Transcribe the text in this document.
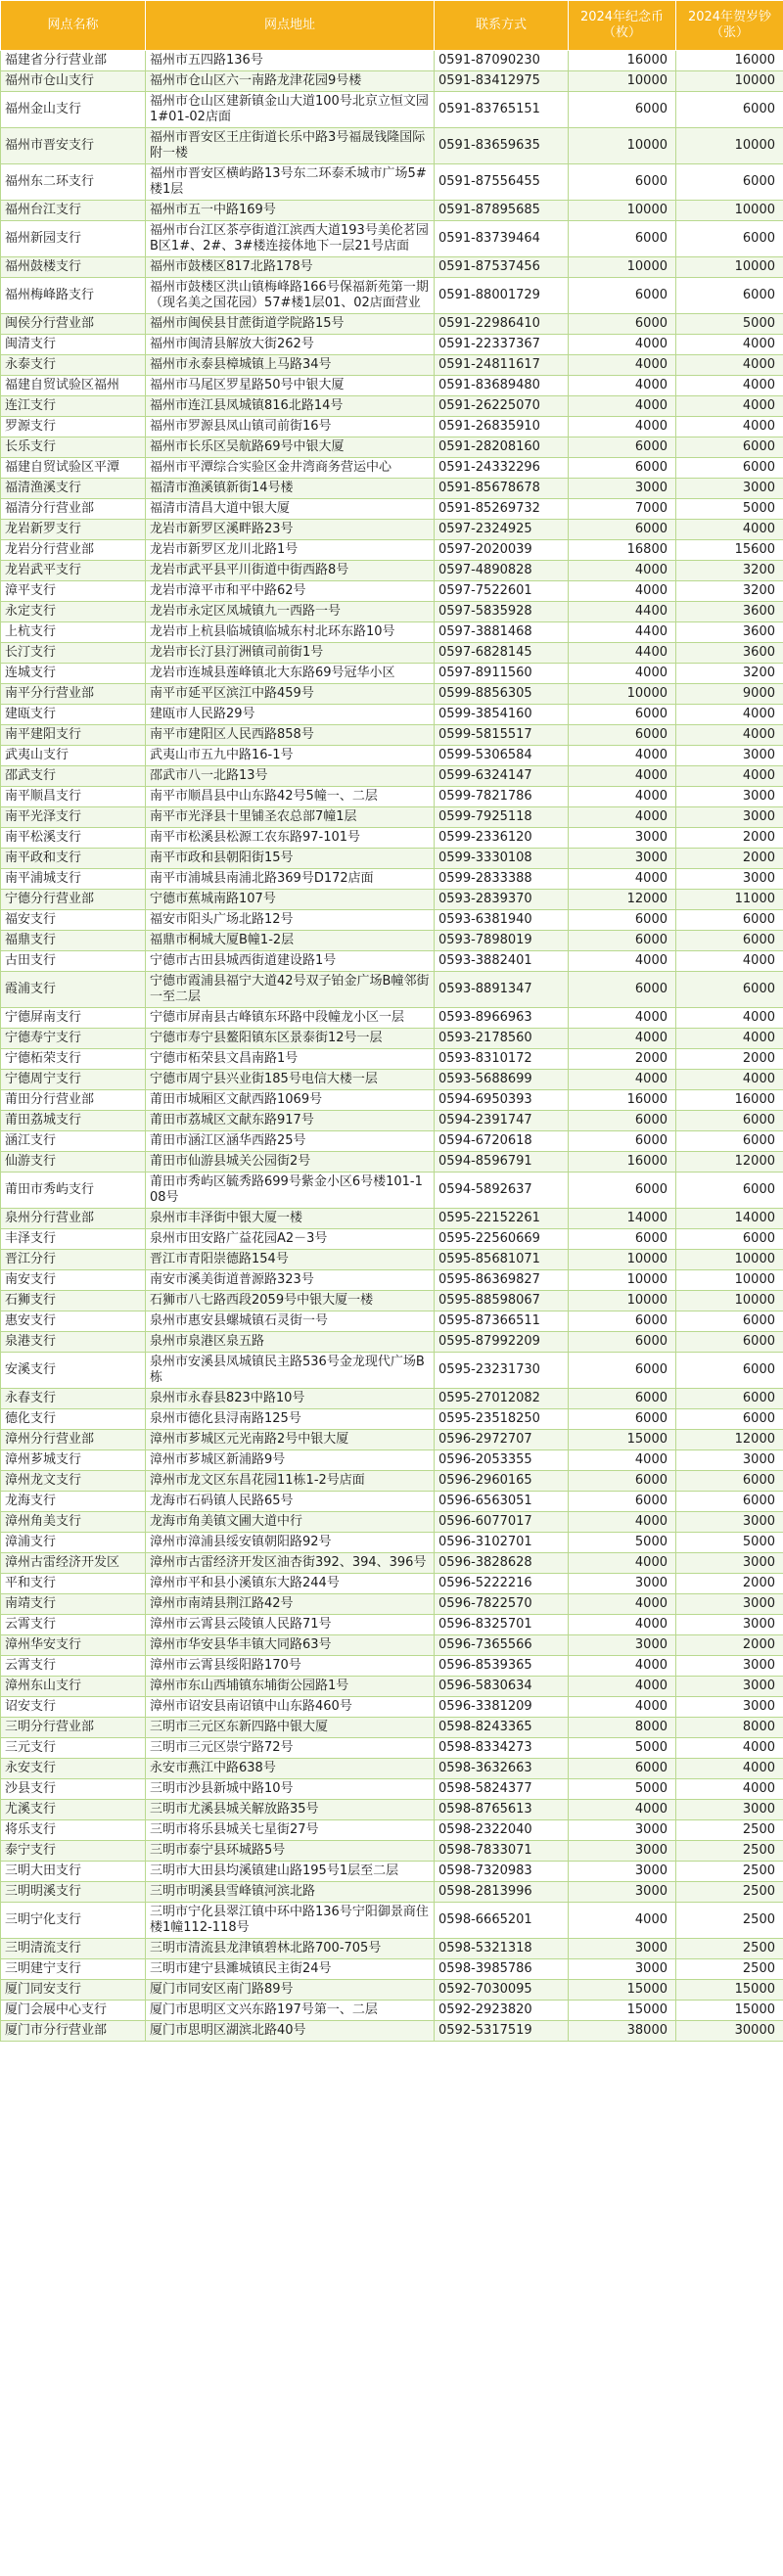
网点名称	网点地址	联系方式	2024年纪念币（枚）	2024年贺岁钞（张）
福建省分行营业部	福州市五四路136号	0591-87090230	16000	16000
福州市仓山支行	福州市仓山区六一南路龙津花园9号楼	0591-83412975	10000	10000
福州金山支行	福州市仓山区建新镇金山大道100号北京立恒文园1#01-02店面	0591-83765151	6000	6000
福州市晋安支行	福州市晋安区王庄街道长乐中路3号福晟钱隆国际附一楼	0591-83659635	10000	10000
福州东二环支行	福州市晋安区横屿路13号东二环泰禾城市广场5#楼1层	0591-87556455	6000	6000
福州台江支行	福州市五一中路169号	0591-87895685	10000	10000
福州新园支行	福州市台江区茶亭街道江滨西大道193号美伦茗园B区1#、2#、3#楼连接体地下一层21号店面	0591-83739464	6000	6000
福州鼓楼支行	福州市鼓楼区817北路178号	0591-87537456	10000	10000
福州梅峰路支行	福州市鼓楼区洪山镇梅峰路166号保福新苑第一期（现名美之国花园）57#楼1层01、02店面营业	0591-88001729	6000	6000
闽侯分行营业部	福州市闽侯县甘蔗街道学院路15号	0591-22986410	6000	5000
闽清支行	福州市闽清县解放大街262号	0591-22337367	4000	4000
永泰支行	福州市永泰县樟城镇上马路34号	0591-24811617	4000	4000
福建自贸试验区福州	福州市马尾区罗星路50号中银大厦	0591-83689480	4000	4000
连江支行	福州市连江县凤城镇816北路14号	0591-26225070	4000	4000
罗源支行	福州市罗源县凤山镇司前街16号	0591-26835910	4000	4000
长乐支行	福州市长乐区吴航路69号中银大厦	0591-28208160	6000	6000
福建自贸试验区平潭	福州市平潭综合实验区金井湾商务营运中心	0591-24332296	6000	6000
福清渔溪支行	福清市渔溪镇新街14号楼	0591-85678678	3000	3000
福清分行营业部	福清市清昌大道中银大厦	0591-85269732	7000	5000
龙岩新罗支行	龙岩市新罗区溪畔路23号	0597-2324925	6000	4000
龙岩分行营业部	龙岩市新罗区龙川北路1号	0597-2020039	16800	15600
龙岩武平支行	龙岩市武平县平川街道中街西路8号	0597-4890828	4000	3200
漳平支行	龙岩市漳平市和平中路62号	0597-7522601	4000	3200
永定支行	龙岩市永定区凤城镇九一西路一号	0597-5835928	4400	3600
上杭支行	龙岩市上杭县临城镇临城东村北环东路10号	0597-3881468	4400	3600
长汀支行	龙岩市长汀县汀洲镇司前街1号	0597-6828145	4400	3600
连城支行	龙岩市连城县莲峰镇北大东路69号冠华小区	0597-8911560	4000	3200
南平分行营业部	南平市延平区滨江中路459号	0599-8856305	10000	9000
建瓯支行	建瓯市人民路29号	0599-3854160	6000	4000
南平建阳支行	南平市建阳区人民西路858号	0599-5815517	6000	4000
武夷山支行	武夷山市五九中路16-1号	0599-5306584	4000	3000
邵武支行	邵武市八一北路13号	0599-6324147	4000	4000
南平顺昌支行	南平市顺昌县中山东路42号5幢一、二层	0599-7821786	4000	3000
南平光泽支行	南平市光泽县十里铺圣农总部7幢1层	0599-7925118	4000	3000
南平松溪支行	南平市松溪县松源工农东路97-101号	0599-2336120	3000	2000
南平政和支行	南平市政和县朝阳街15号	0599-3330108	3000	2000
南平浦城支行	南平市浦城县南浦北路369号D172店面	0599-2833388	4000	3000
宁德分行营业部	宁德市蕉城南路107号	0593-2839370	12000	11000
福安支行	福安市阳头广场北路12号	0593-6381940	6000	6000
福鼎支行	福鼎市桐城大厦B幢1-2层	0593-7898019	6000	6000
古田支行	宁德市古田县城西街道建设路1号	0593-3882401	4000	4000
霞浦支行	宁德市霞浦县福宁大道42号双子铂金广场B幢邻街一至二层	0593-8891347	6000	6000
宁德屏南支行	宁德市屏南县古峰镇东环路中段幢龙小区一层	0593-8966963	4000	4000
宁德寿宁支行	宁德市寿宁县鳌阳镇东区景泰街12号一层	0593-2178560	4000	4000
宁德柘荣支行	宁德市柘荣县文昌南路1号	0593-8310172	2000	2000
宁德周宁支行	宁德市周宁县兴业街185号电信大楼一层	0593-5688699	4000	4000
莆田分行营业部	莆田市城厢区文献西路1069号	0594-6950393	16000	16000
莆田荔城支行	莆田市荔城区文献东路917号	0594-2391747	6000	6000
涵江支行	莆田市涵江区涵华西路25号	0594-6720618	6000	6000
仙游支行	莆田市仙游县城关公园街2号	0594-8596791	16000	12000
莆田市秀屿支行	莆田市秀屿区毓秀路699号紫金小区6号楼101-108号	0594-5892637	6000	6000
泉州分行营业部	泉州市丰泽街中银大厦一楼	0595-22152261	14000	14000
丰泽支行	泉州市田安路广益花园A2－3号	0595-22560669	6000	6000
晋江分行	晋江市青阳崇德路154号	0595-85681071	10000	10000
南安支行	南安市溪美街道普源路323号	0595-86369827	10000	10000
石狮支行	石狮市八七路西段2059号中银大厦一楼	0595-88598067	10000	10000
惠安支行	泉州市惠安县螺城镇石灵街一号	0595-87366511	6000	6000
泉港支行	泉州市泉港区泉五路	0595-87992209	6000	6000
安溪支行	泉州市安溪县凤城镇民主路536号金龙现代广场B栋	0595-23231730	6000	6000
永春支行	泉州市永春县823中路10号	0595-27012082	6000	6000
德化支行	泉州市德化县浔南路125号	0595-23518250	6000	6000
漳州分行营业部	漳州市芗城区元光南路2号中银大厦	0596-2972707	15000	12000
漳州芗城支行	漳州市芗城区新浦路9号	0596-2053355	4000	3000
漳州龙文支行	漳州市龙文区东昌花园11栋1-2号店面	0596-2960165	6000	6000
龙海支行	龙海市石码镇人民路65号	0596-6563051	6000	6000
漳州角美支行	龙海市角美镇文圃大道中行	0596-6077017	4000	3000
漳浦支行	漳州市漳浦县绥安镇朝阳路92号	0596-3102701	5000	5000
漳州古雷经济开发区	漳州市古雷经济开发区油杏街392、394、396号	0596-3828628	4000	3000
平和支行	漳州市平和县小溪镇东大路244号	0596-5222216	3000	2000
南靖支行	漳州市南靖县荆江路42号	0596-7822570	4000	3000
云霄支行	漳州市云霄县云陵镇人民路71号	0596-8325701	4000	3000
漳州华安支行	漳州市华安县华丰镇大同路63号	0596-7365566	3000	2000
云霄支行	漳州市云霄县绥阳路170号	0596-8539365	4000	3000
漳州东山支行	漳州市东山西埔镇东埔街公园路1号	0596-5830634	4000	3000
诏安支行	漳州市诏安县南诏镇中山东路460号	0596-3381209	4000	3000
三明分行营业部	三明市三元区东新四路中银大厦	0598-8243365	8000	8000
三元支行	三明市三元区崇宁路72号	0598-8334273	5000	4000
永安支行	永安市燕江中路638号	0598-3632663	6000	4000
沙县支行	三明市沙县新城中路10号	0598-5824377	5000	4000
尤溪支行	三明市尤溪县城关解放路35号	0598-8765613	4000	3000
将乐支行	三明市将乐县城关七星街27号	0598-2322040	3000	2500
泰宁支行	三明市泰宁县环城路5号	0598-7833071	3000	2500
三明大田支行	三明市大田县均溪镇建山路195号1层至二层	0598-7320983	3000	2500
三明明溪支行	三明市明溪县雪峰镇河滨北路	0598-2813996	3000	2500
三明宁化支行	三明市宁化县翠江镇中环中路136号宁阳御景商住楼1幢112-118号	0598-6665201	4000	2500
三明清流支行	三明市清流县龙津镇碧林北路700-705号	0598-5321318	3000	2500
三明建宁支行	三明市建宁县濉城镇民主街24号	0598-3985786	3000	2500
厦门同安支行	厦门市同安区南门路89号	0592-7030095	15000	15000
厦门会展中心支行	厦门市思明区文兴东路197号第一、二层	0592-2923820	15000	15000
厦门市分行营业部	厦门市思明区湖滨北路40号	0592-5317519	38000	30000
